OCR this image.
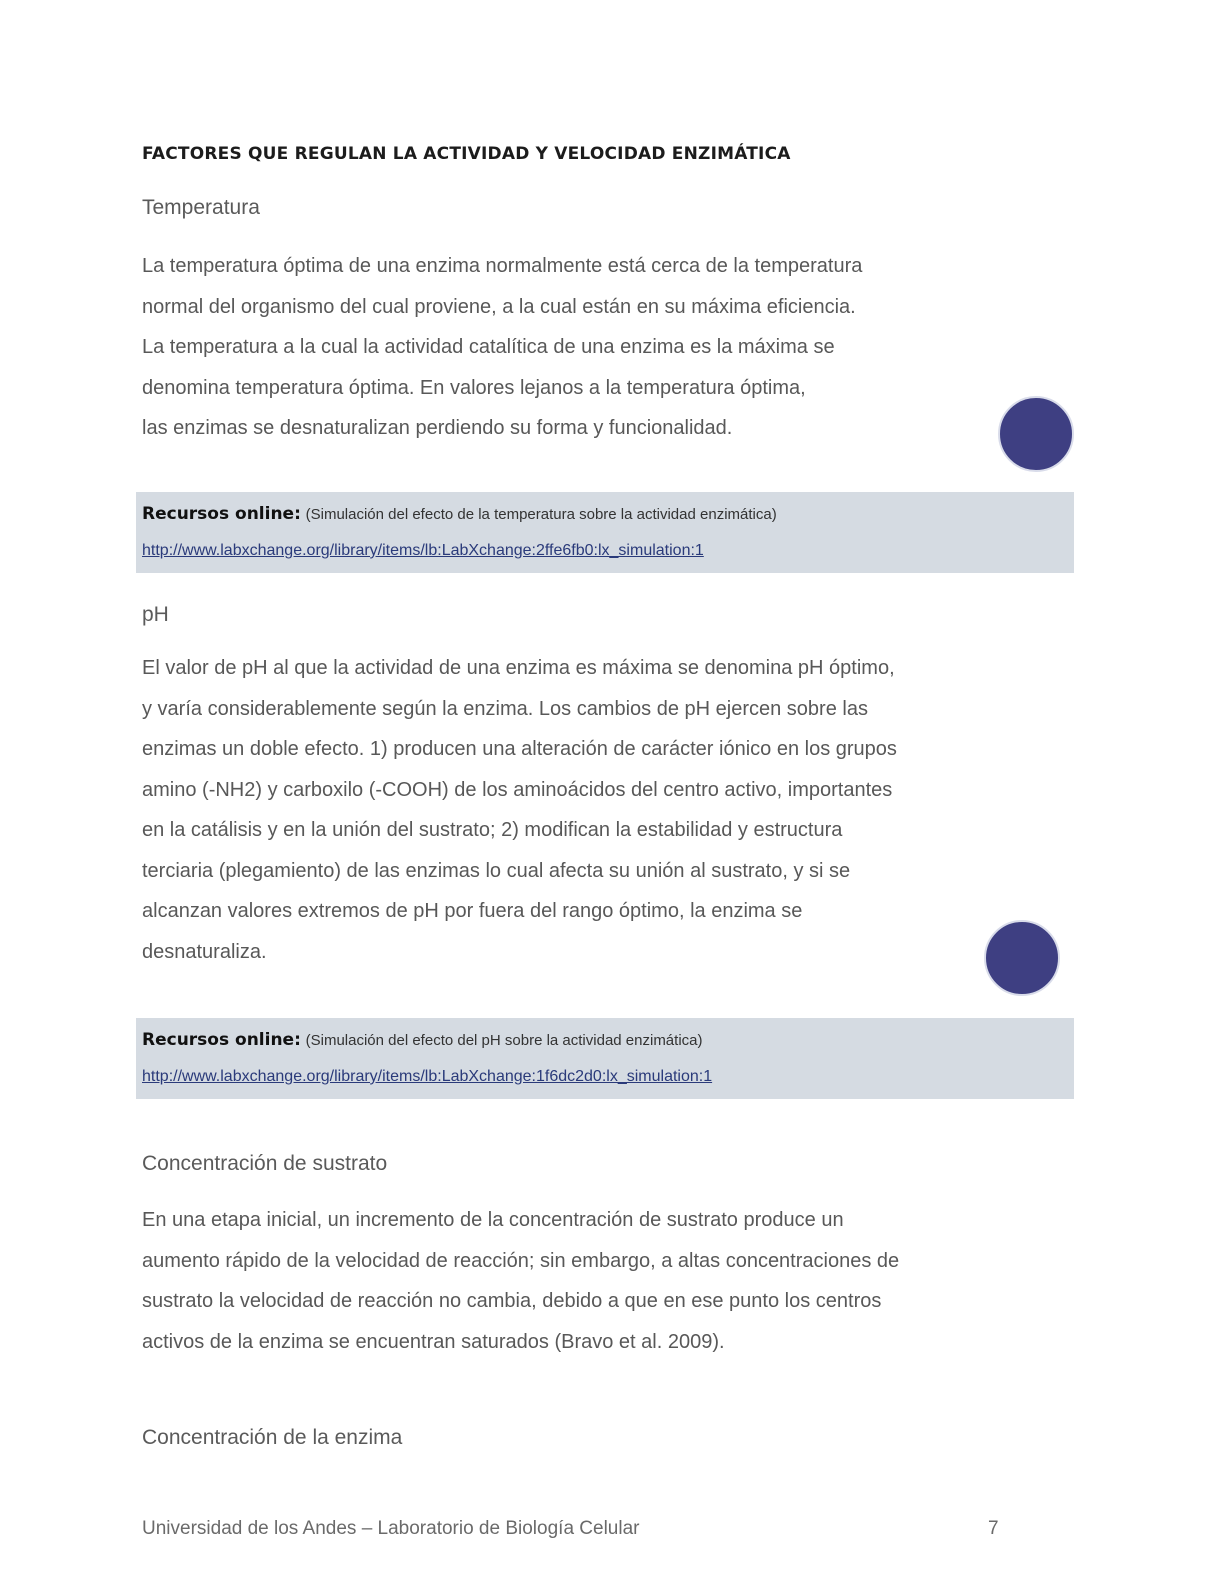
FACTORES QUE REGULAN LA ACTIVIDAD Y VELOCIDAD ENZIMÁTICA
Temperatura
La temperatura óptima de una enzima normalmente está cerca de la temperatura
normal del organismo del cual proviene, a la cual están en su máxima eficiencia.
La temperatura a la cual la actividad catalítica de una enzima es la máxima se
denomina temperatura óptima. En valores lejanos a la temperatura óptima,
las enzimas se desnaturalizan perdiendo su forma y funcionalidad.
Recursos online: (Simulación del efecto de la temperatura sobre la actividad enzimática)
http://www.labxchange.org/library/items/lb:LabXchange:2ffe6fb0:lx_simulation:1
pH
El valor de pH al que la actividad de una enzima es máxima se denomina pH óptimo,
y varía considerablemente según la enzima. Los cambios de pH ejercen sobre las
enzimas un doble efecto. 1) producen una alteración de carácter iónico en los grupos
amino (-NH2) y carboxilo (-COOH) de los aminoácidos del centro activo, importantes
en la catálisis y en la unión del sustrato; 2) modifican la estabilidad y estructura
terciaria (plegamiento) de las enzimas lo cual afecta su unión al sustrato, y si se
alcanzan valores extremos de pH por fuera del rango óptimo, la enzima se
desnaturaliza.
Recursos online: (Simulación del efecto del pH sobre la actividad enzimática)
http://www.labxchange.org/library/items/lb:LabXchange:1f6dc2d0:lx_simulation:1
Concentración de sustrato
En una etapa inicial, un incremento de la concentración de sustrato produce un
aumento rápido de la velocidad de reacción; sin embargo, a altas concentraciones de
sustrato la velocidad de reacción no cambia, debido a que en ese punto los centros
activos de la enzima se encuentran saturados (Bravo et al. 2009).
Concentración de la enzima
Universidad de los Andes – Laboratorio de Biología Celular	7
